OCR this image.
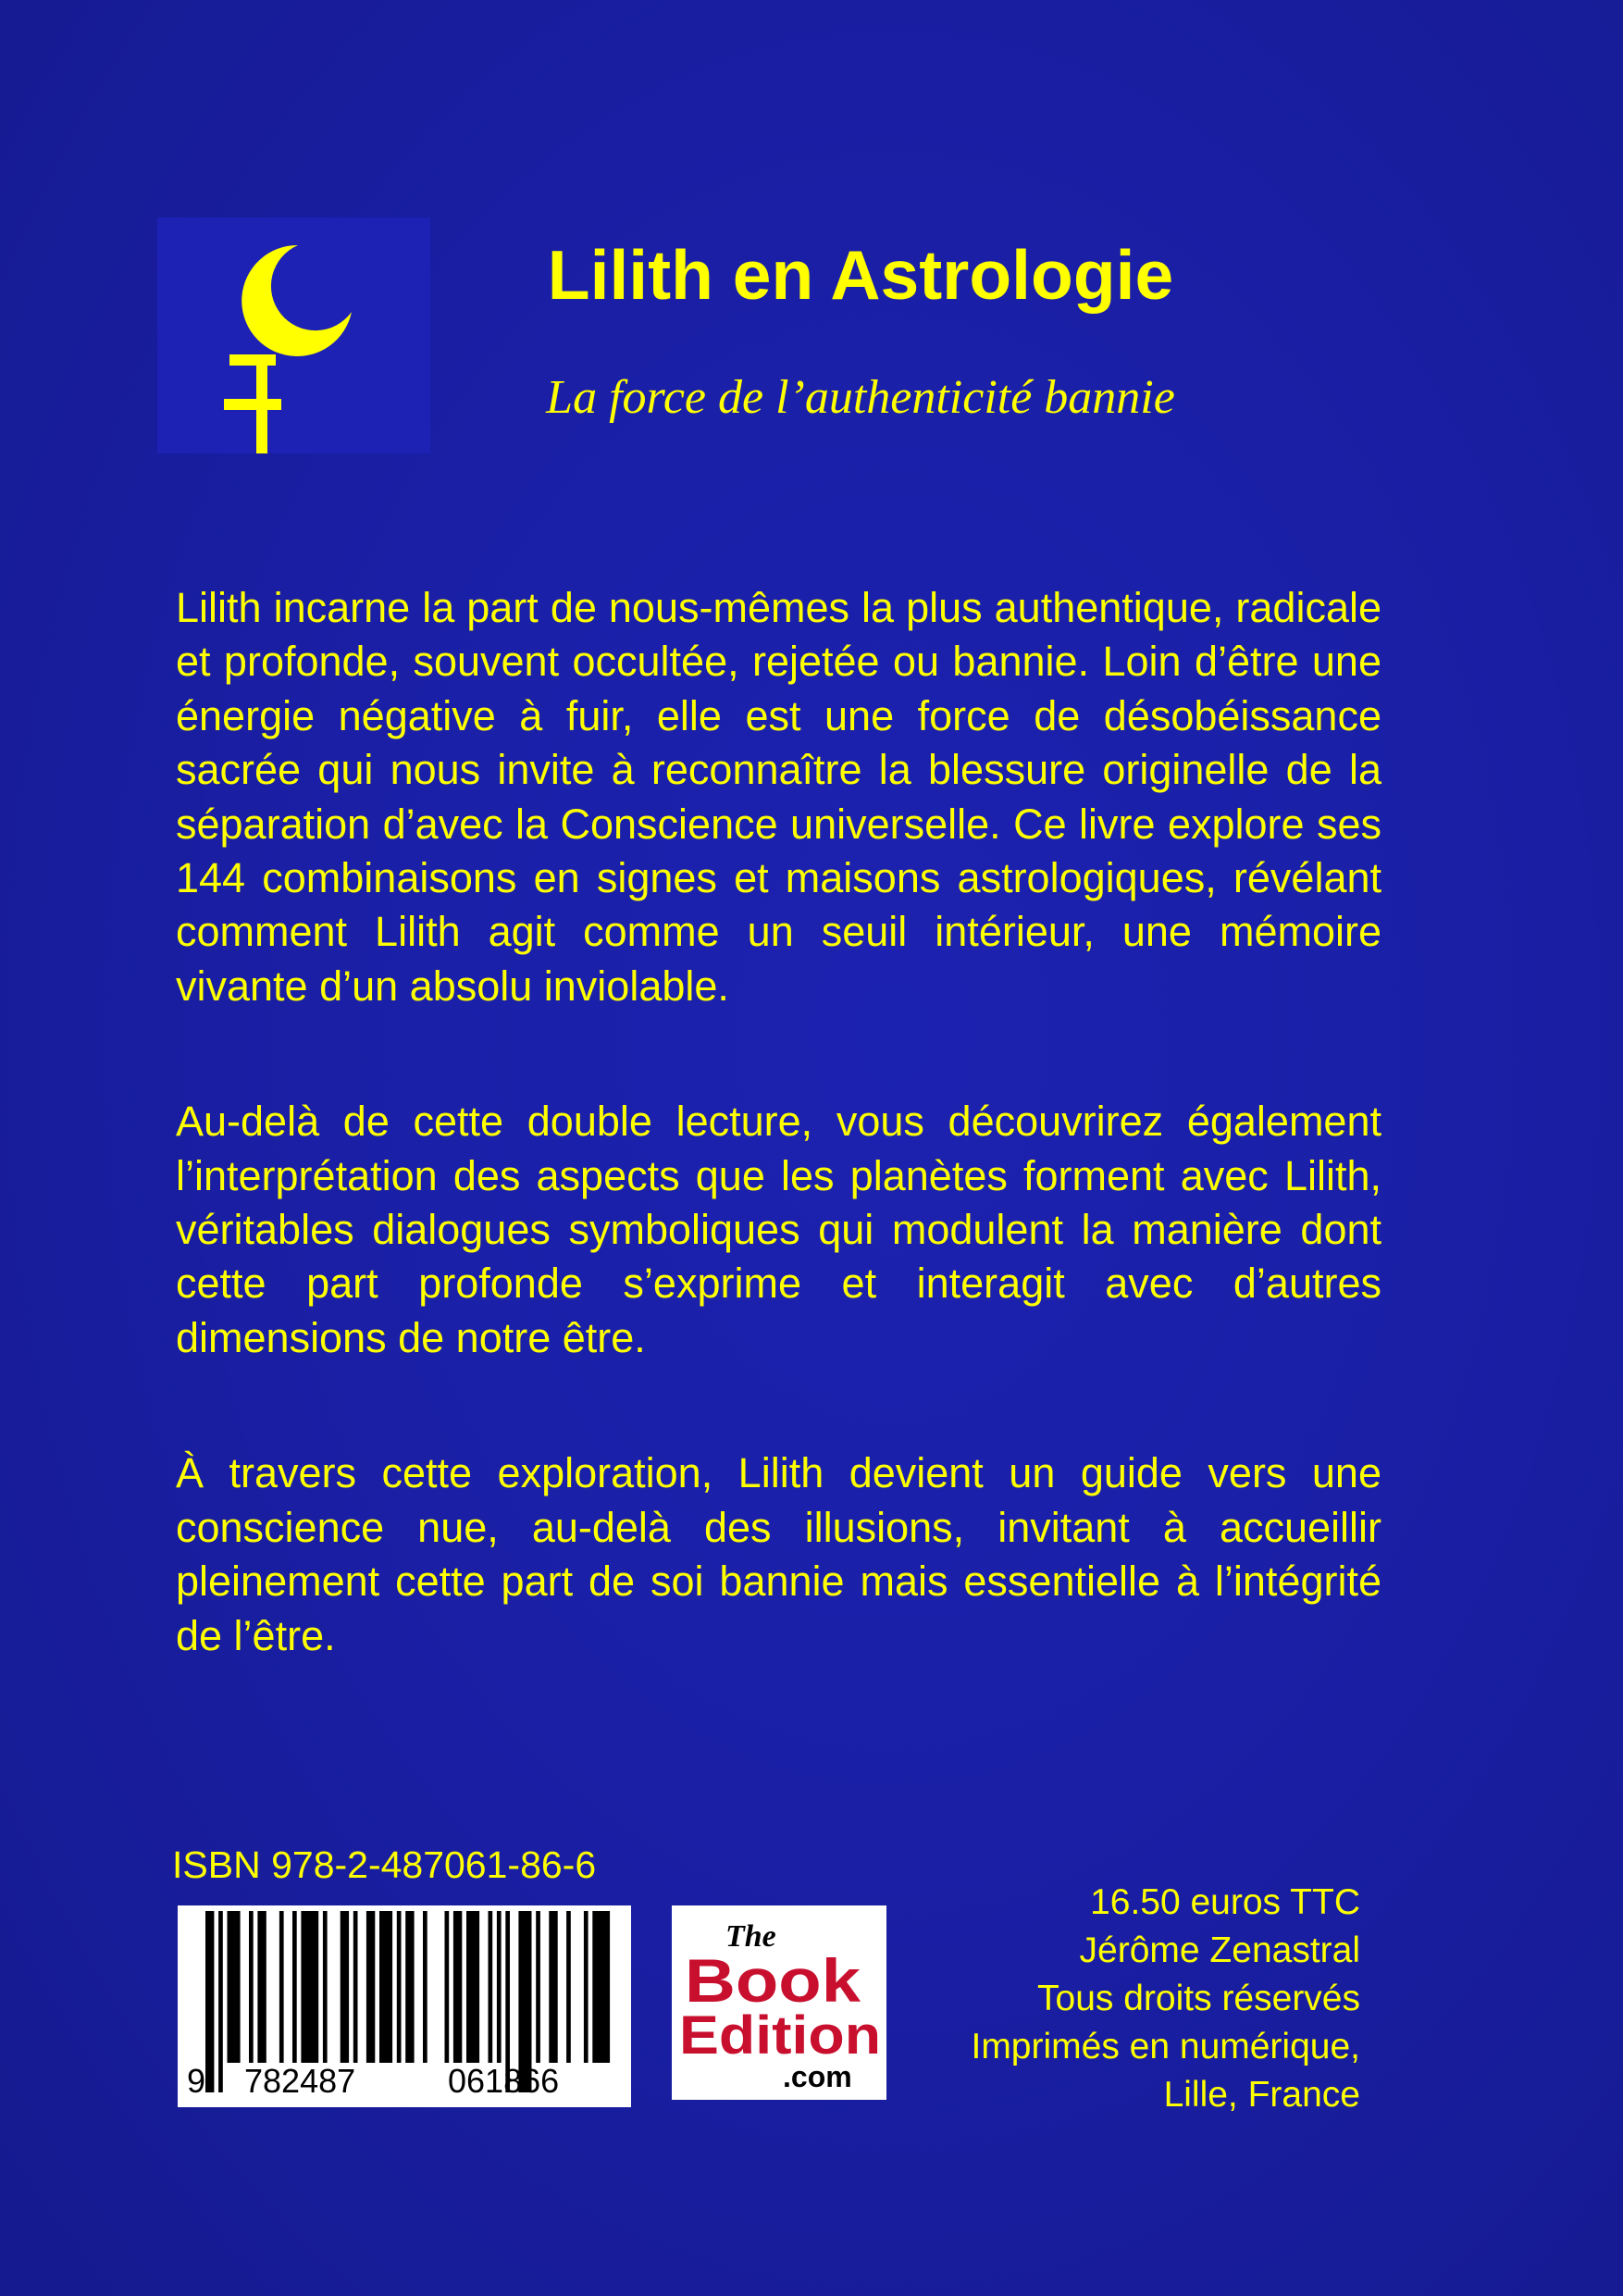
Lilith en Astrologie

La force de l’authenticité bannie

Lilith incarne la part de nous-mêmes la plus authentique, radicale et profonde, souvent occultée, rejetée ou bannie. Loin d’être une énergie négative à fuir, elle est une force de désobéissance sacrée qui nous invite à reconnaître la blessure originelle de la séparation d’avec la Conscience universelle. Ce livre explore ses 144 combinaisons en signes et maisons astrologiques, révélant comment Lilith agit comme un seuil intérieur, une mémoire vivante d’un absolu inviolable.

Au-delà de cette double lecture, vous découvrirez également l’interprétation des aspects que les planètes forment avec Lilith, véritables dialogues symboliques qui modulent la manière dont cette part profonde s’exprime et interagit avec d’autres dimensions de notre être.

À travers cette exploration, Lilith devient un guide vers une conscience nue, au-delà des illusions, invitant à accueillir pleinement cette part de soi bannie mais essentielle à l’intégrité de l’être.

ISBN 978-2-487061-86-6
9 782487	061866
The
Book
Edition
.com
16.50 euros TTC
Jérôme Zenastral
Tous droits réservés
Imprimés en numérique,
Lille, France
